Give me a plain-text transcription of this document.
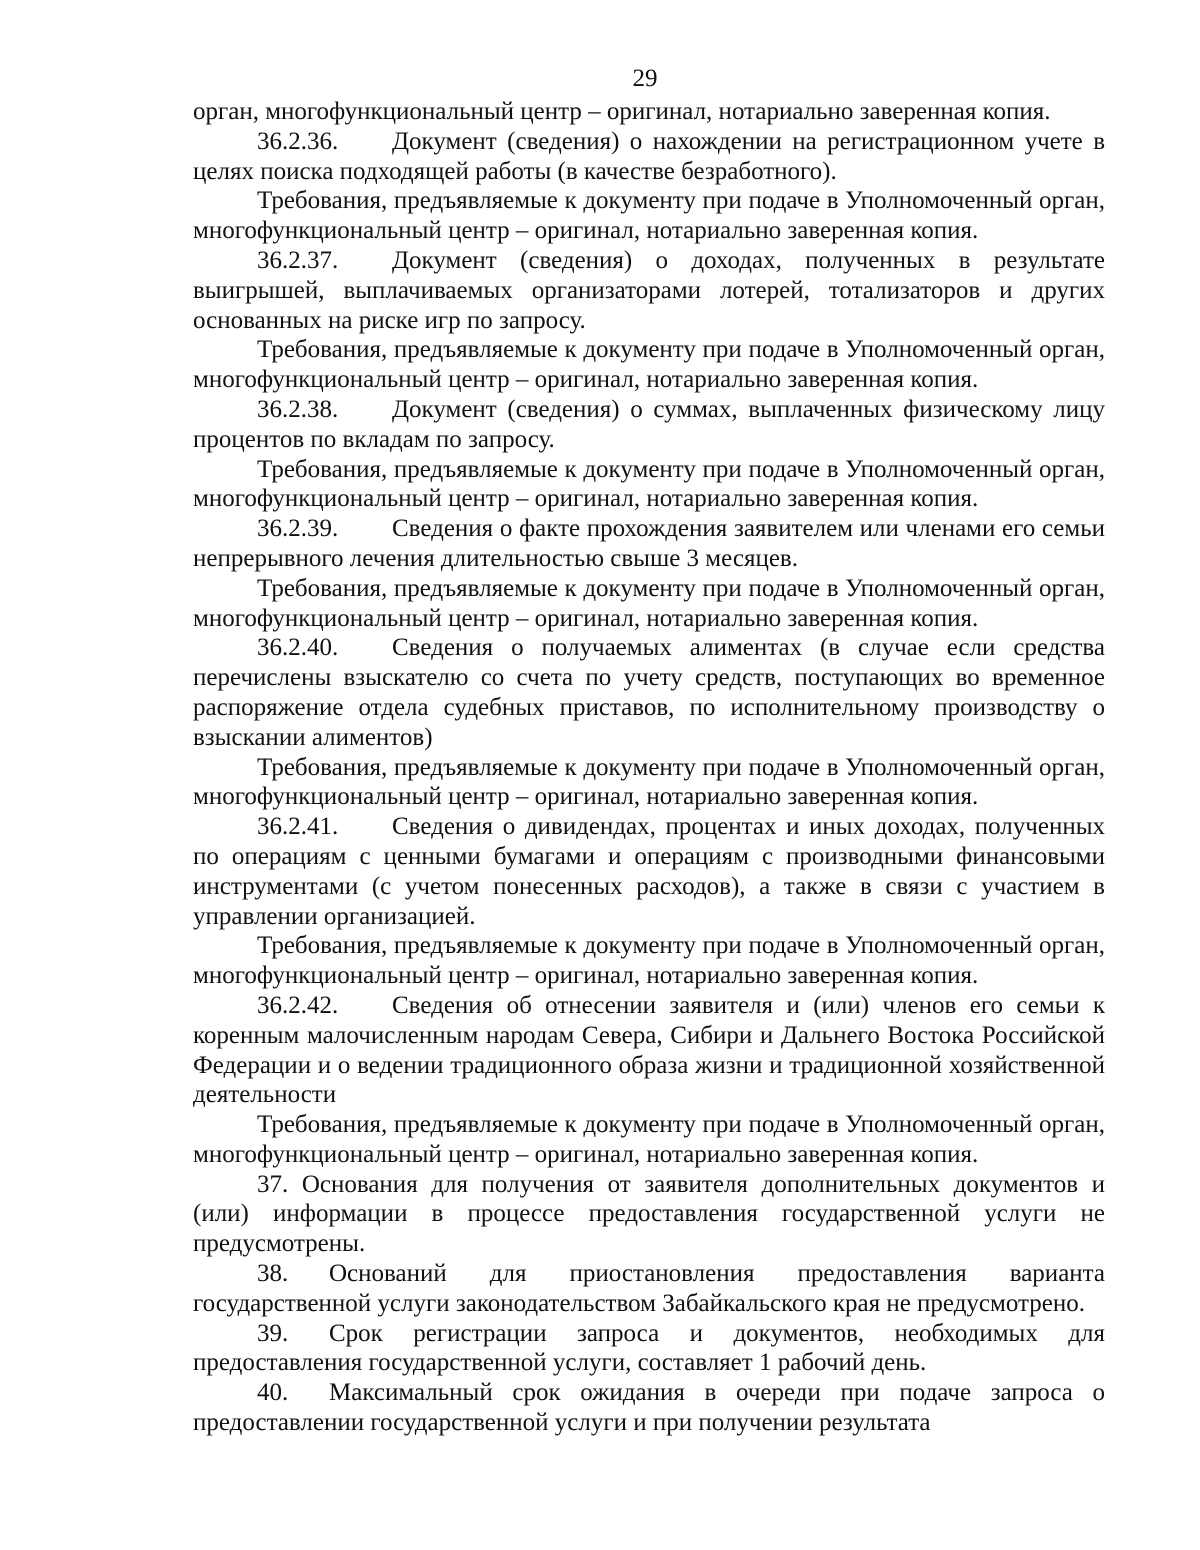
29

орган, многофункциональный центр – оригинал, нотариально заверенная копия.

36.2.36. Документ (сведения) о нахождении на регистрационном учете в целях поиска подходящей работы (в качестве безработного).

Требования, предъявляемые к документу при подаче в Уполномоченный орган, многофункциональный центр – оригинал, нотариально заверенная копия.

36.2.37. Документ (сведения) о доходах, полученных в результате выигрышей, выплачиваемых организаторами лотерей, тотализаторов и других основанных на риске игр по запросу.

Требования, предъявляемые к документу при подаче в Уполномоченный орган, многофункциональный центр – оригинал, нотариально заверенная копия.

36.2.38. Документ (сведения) о суммах, выплаченных физическому лицу процентов по вкладам по запросу.

Требования, предъявляемые к документу при подаче в Уполномоченный орган, многофункциональный центр – оригинал, нотариально заверенная копия.

36.2.39. Сведения о факте прохождения заявителем или членами его семьи непрерывного лечения длительностью свыше 3 месяцев.

Требования, предъявляемые к документу при подаче в Уполномоченный орган, многофункциональный центр – оригинал, нотариально заверенная копия.

36.2.40. Сведения о получаемых алиментах (в случае если средства перечислены взыскателю со счета по учету средств, поступающих во временное распоряжение отдела судебных приставов, по исполнительному производству о взыскании алиментов)

Требования, предъявляемые к документу при подаче в Уполномоченный орган, многофункциональный центр – оригинал, нотариально заверенная копия.

36.2.41. Сведения о дивидендах, процентах и иных доходах, полученных по операциям с ценными бумагами и операциям с производными финансовыми инструментами (с учетом понесенных расходов), а также в связи с участием в управлении организацией.

Требования, предъявляемые к документу при подаче в Уполномоченный орган, многофункциональный центр – оригинал, нотариально заверенная копия.

36.2.42. Сведения об отнесении заявителя и (или) членов его семьи к коренным малочисленным народам Севера, Сибири и Дальнего Востока Российской Федерации и о ведении традиционного образа жизни и традиционной хозяйственной деятельности

Требования, предъявляемые к документу при подаче в Уполномоченный орган, многофункциональный центр – оригинал, нотариально заверенная копия.

37. Основания для получения от заявителя дополнительных документов и (или) информации в процессе предоставления государственной услуги не предусмотрены.

38. Оснований для приостановления предоставления варианта государственной услуги законодательством Забайкальского края не предусмотрено.

39. Срок регистрации запроса и документов, необходимых для предоставления государственной услуги, составляет 1 рабочий день.

40. Максимальный срок ожидания в очереди при подаче запроса о предоставлении государственной услуги и при получении результата
